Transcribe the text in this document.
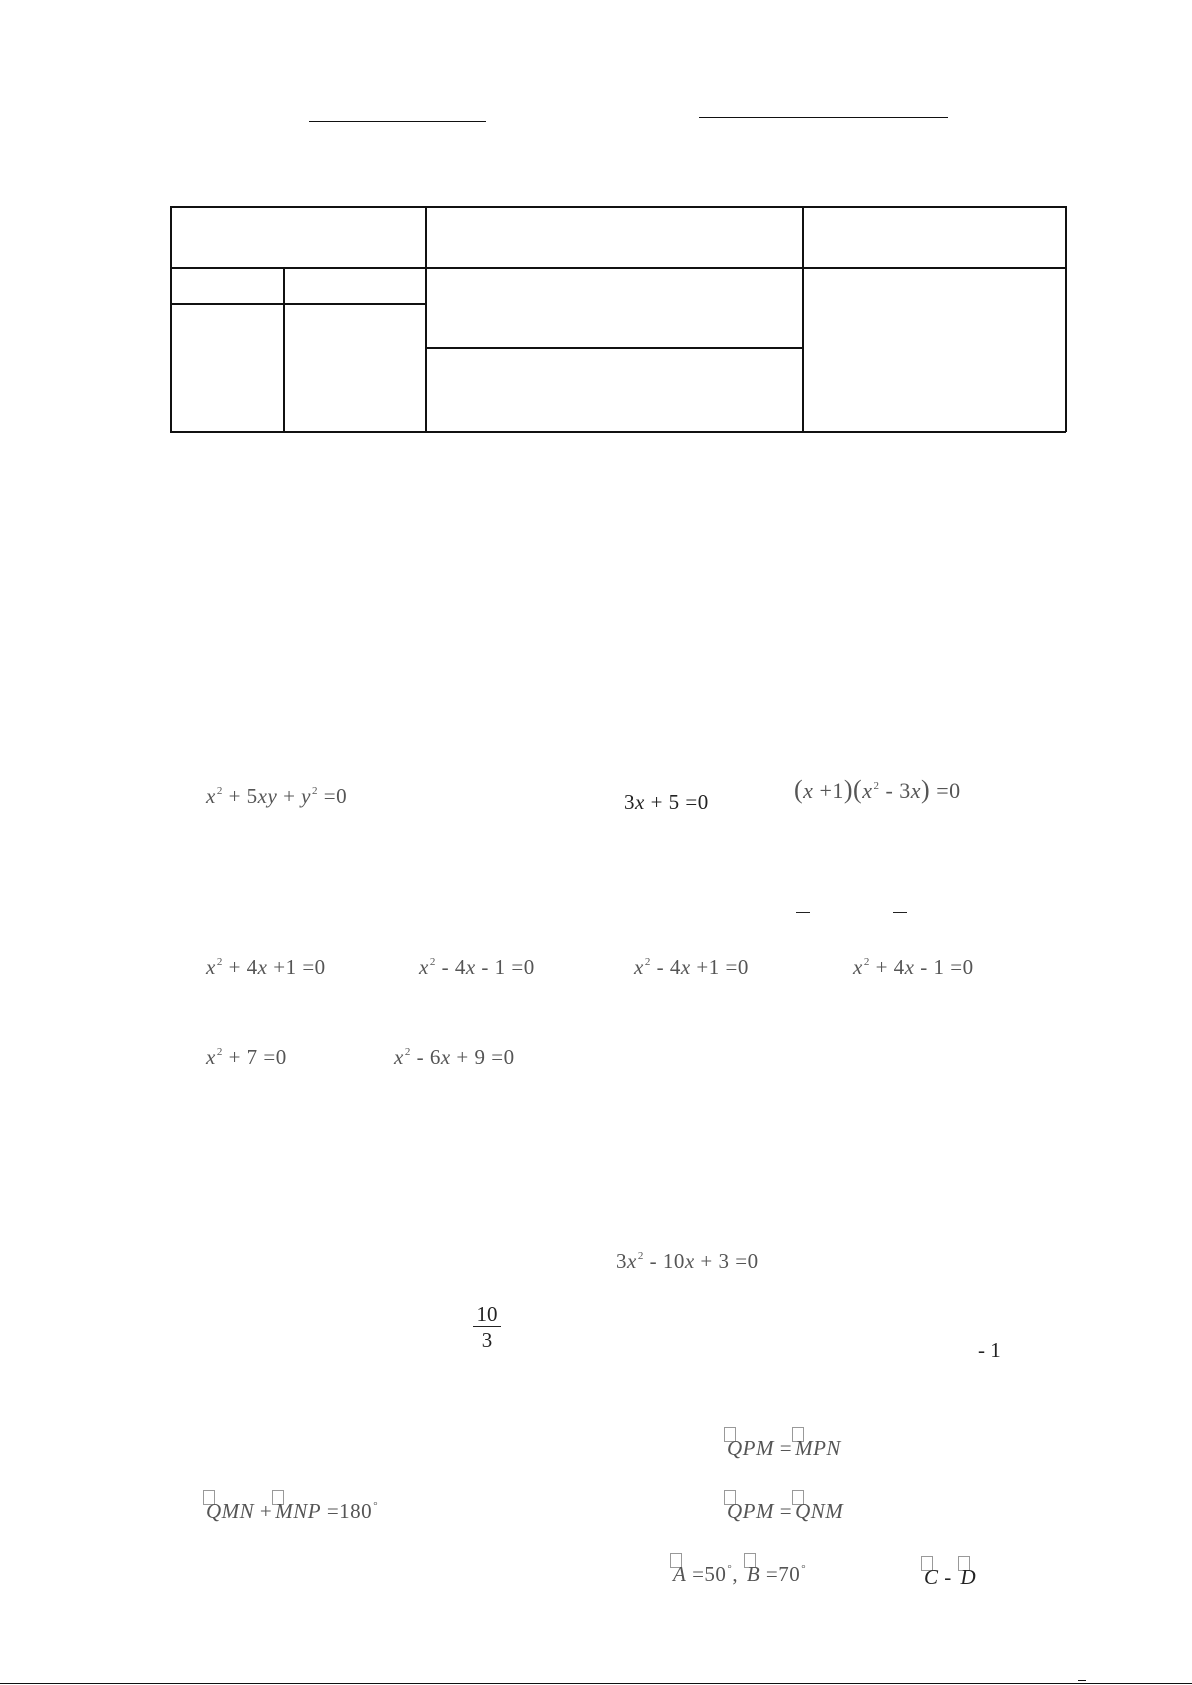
$x^2 + 5xy + y^2 =0$	3x + 5 =0	$(x +1)(x^2 - 3x) =0$
$x^2 + 4x +1 =0$	$x^2 - 4x - 1 =0$	$x^2 - 4x +1 =0$	$x^2 + 4x - 1 =0$
$x^2 + 7 =0$	$x^2 - 6x + 9 =0$
$3x^2 - 10x + 3 =0$
$\frac{10}{3}$	- 1
QPM = MPN
QMN + MNP =180°	QPM = QNM
A =50°, B =70°	C - D
